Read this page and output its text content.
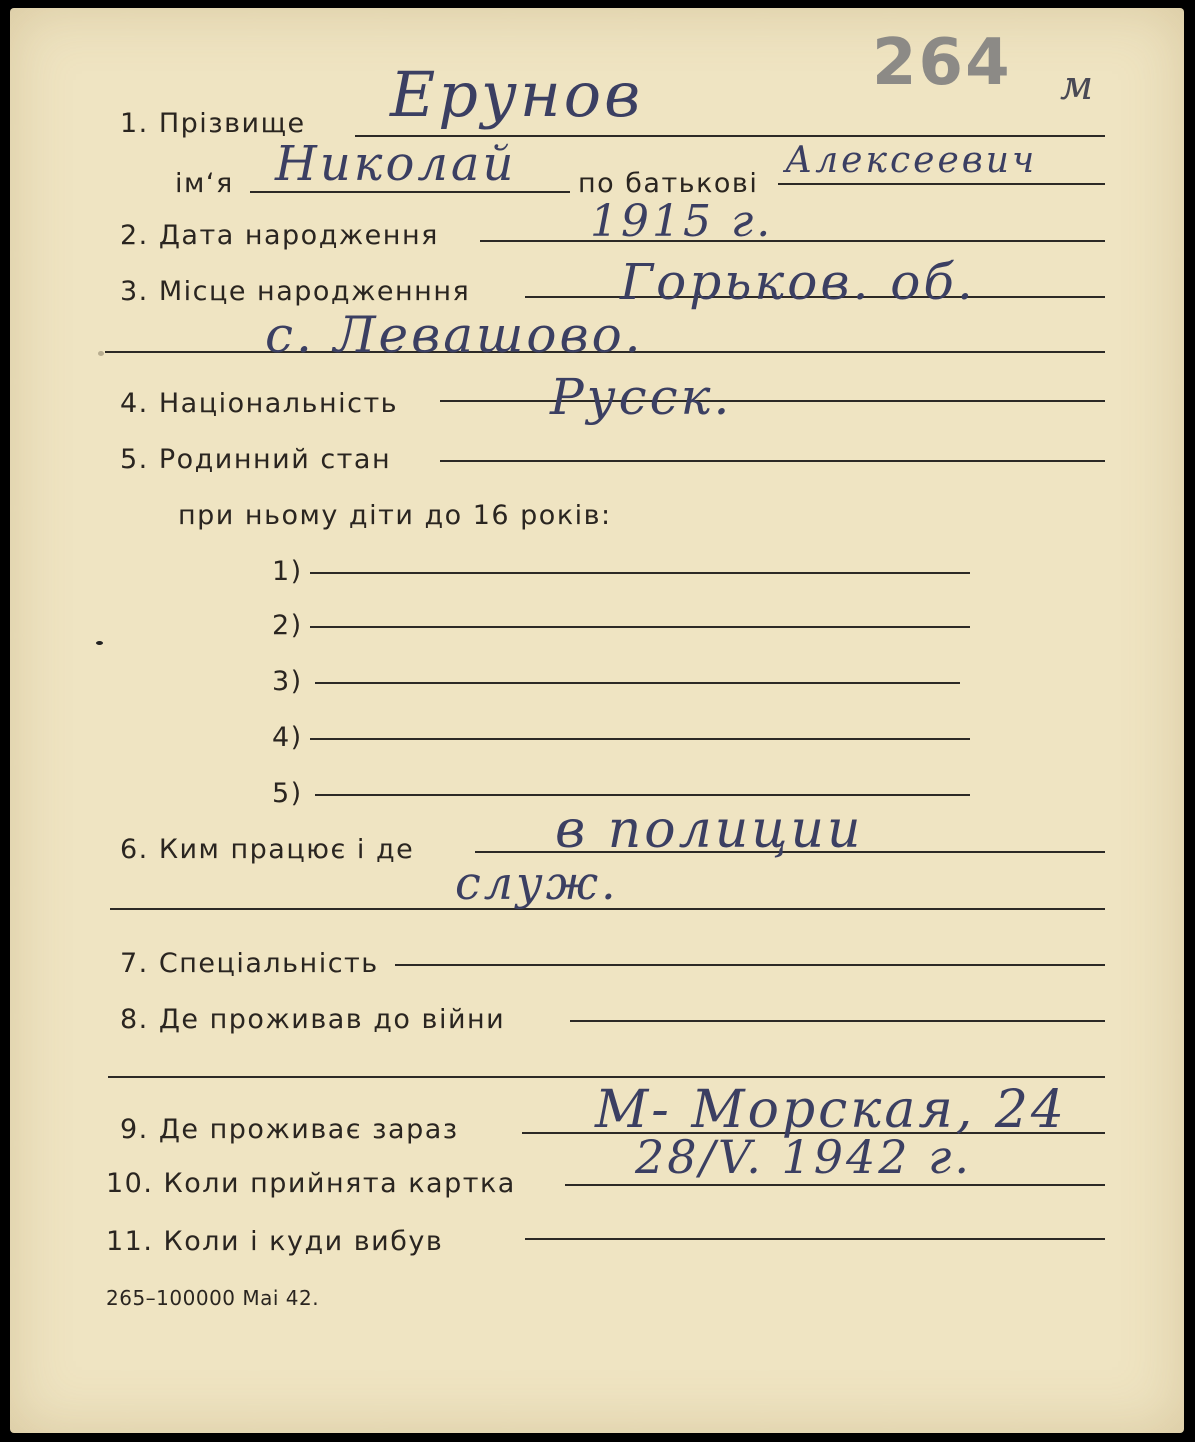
264 м
1. Прізвище Ерунов
ім‘я Николай по батькові
Алексеевич
2. Дата народження	1915 г.
3. Місце народженння	Горьков. об.
с. Левашово.
4. Національність	Русск.
5. Родинний стан
при ньому діти до 16 років:
1)
2)
3)
4)
5)
6. Ким працює і де	в полиции
служ.
7. Спеціальність
8. Де проживав до війни
9. Де проживає зараз	М- Морская, 24
10. Коли прийнята картка	28/V. 1942 г.
11. Коли і куди вибув
265–100000 Mai 42.
